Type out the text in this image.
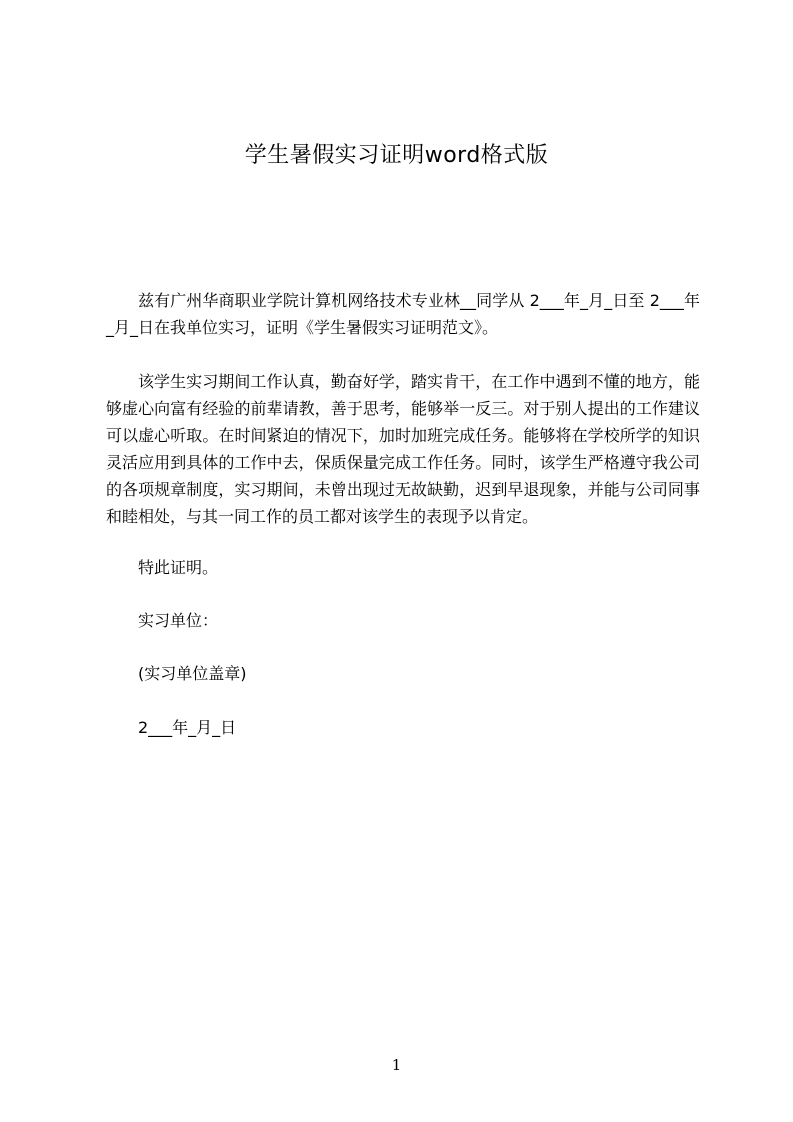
学生暑假实习证明word格式版
兹有广州华商职业学院计算机网络技术专业林__同学从 2___年_月_日至 2___年_月_日在我单位实习，证明《学生暑假实习证明范文》。
该学生实习期间工作认真，勤奋好学，踏实肯干，在工作中遇到不懂的地方，能够虚心向富有经验的前辈请教，善于思考，能够举一反三。对于别人提出的工作建议可以虚心听取。在时间紧迫的情况下，加时加班完成任务。能够将在学校所学的知识灵活应用到具体的工作中去，保质保量完成工作任务。同时，该学生严格遵守我公司的各项规章制度，实习期间，未曾出现过无故缺勤，迟到早退现象，并能与公司同事和睦相处，与其一同工作的员工都对该学生的表现予以肯定。
特此证明。
实习单位：
(实习单位盖章)
2___年_月_日
1
